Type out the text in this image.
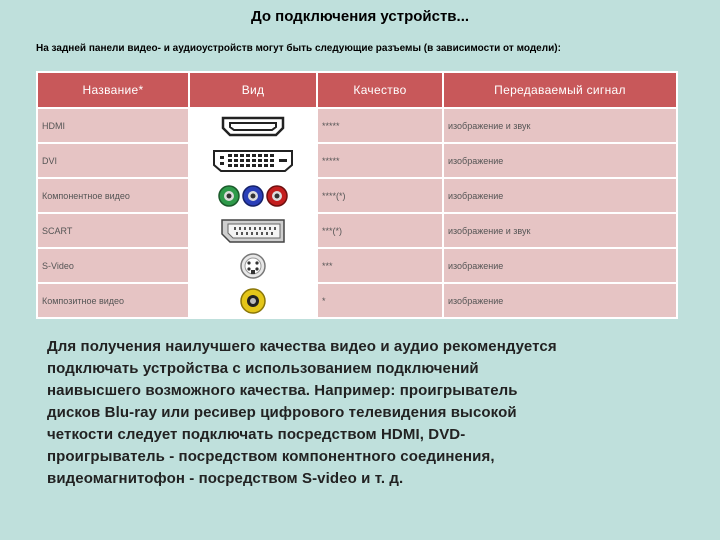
До подключения устройств...
На задней панели видео- и аудиоустройств могут быть следующие разъемы (в зависимости от модели):
Название*	Вид	Качество	Передаваемый сигнал
HDMI		*****	изображение и звук
DVI		*****	изображение
Компонентное видео		****(*)	изображение
SCART		***(*)	изображение и звук
S-Video		***	изображение
Композитное видео		*	изображение
Для получения наилучшего качества видео и аудио рекомендуется
подключать устройства с использованием подключений
наивысшего возможного качества. Например: проигрыватель
дисков Blu-ray или ресивер цифрового телевидения высокой
четкости следует подключать посредством HDMI, DVD-
проигрыватель - посредством компонентного соединения,
видеомагнитофон - посредством S-video и т. д.
